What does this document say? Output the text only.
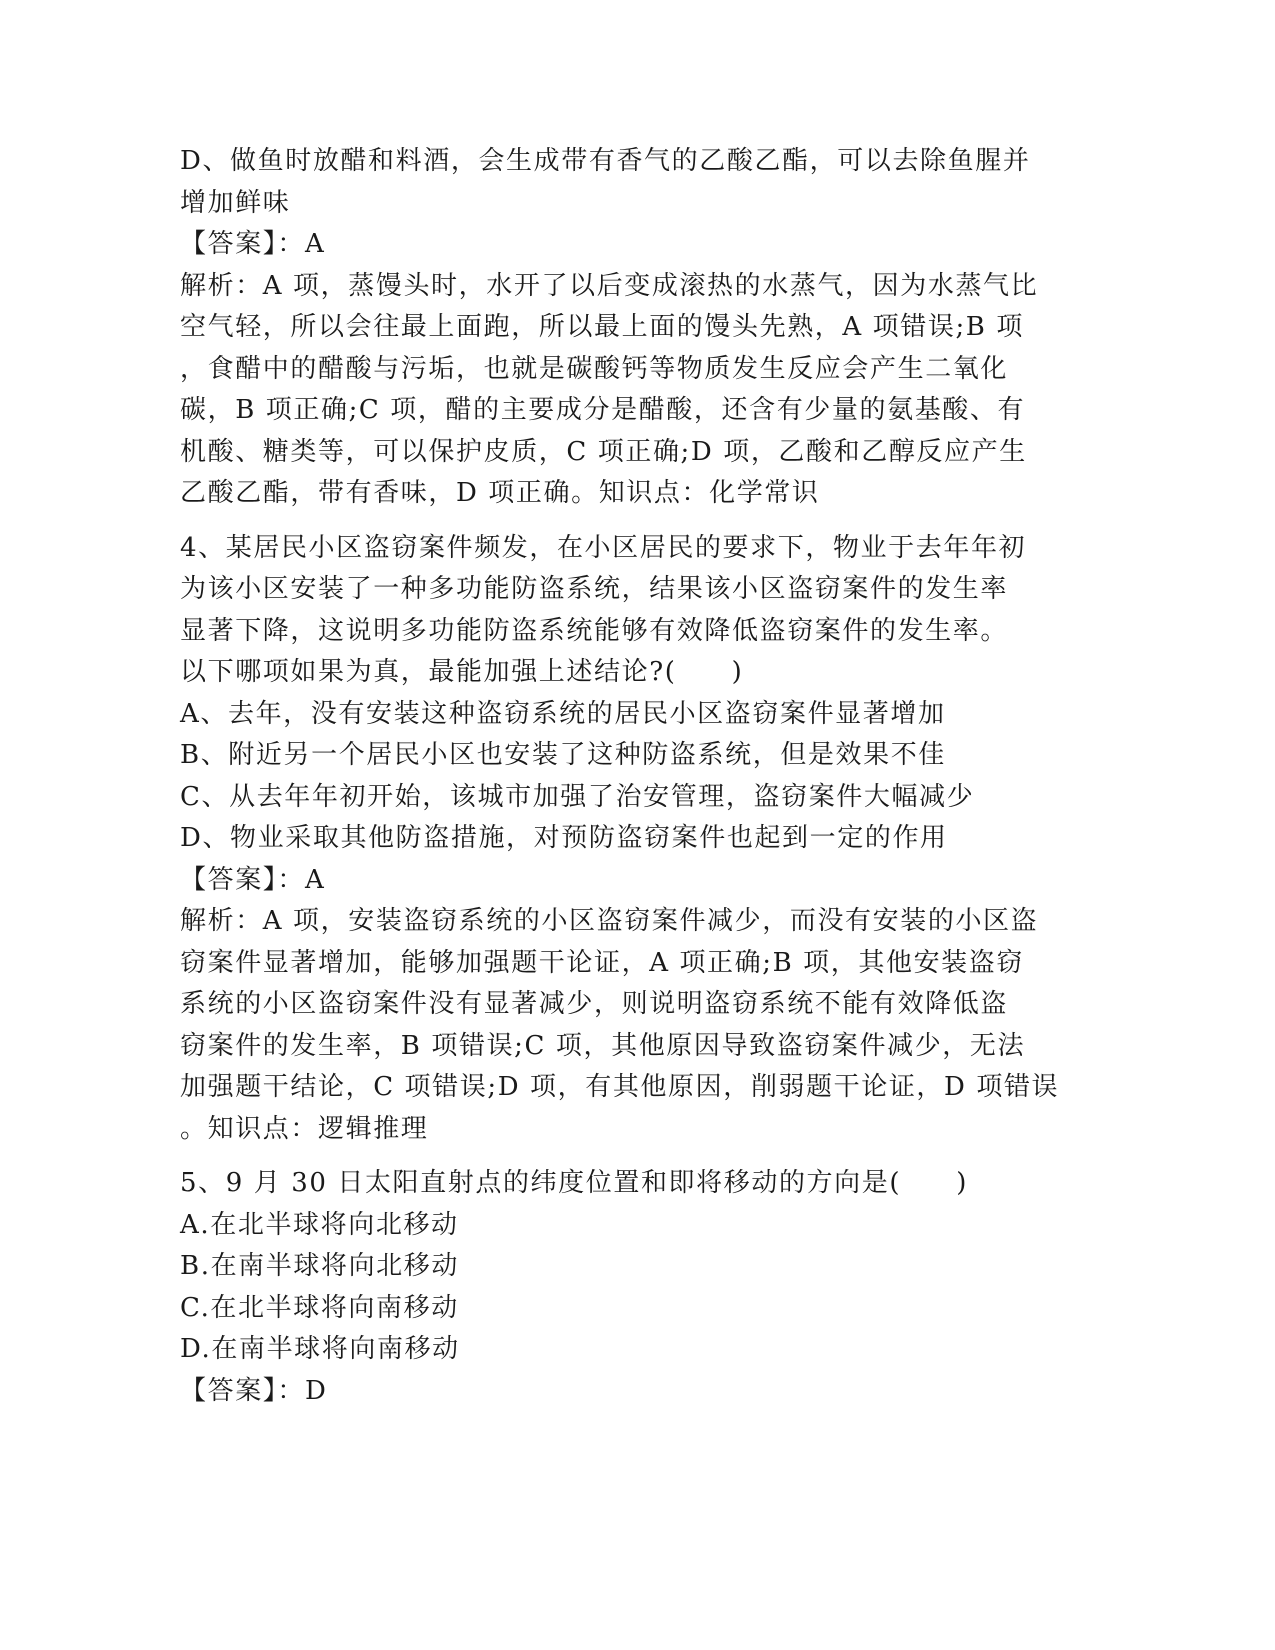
D、做鱼时放醋和料酒，会生成带有香气的乙酸乙酯，可以去除鱼腥并
增加鲜味
【答案】：A
解析：A 项，蒸馒头时，水开了以后变成滚热的水蒸气，因为水蒸气比
空气轻，所以会往最上面跑，所以最上面的馒头先熟，A 项错误;B 项
，食醋中的醋酸与污垢，也就是碳酸钙等物质发生反应会产生二氧化
碳，B 项正确;C 项，醋的主要成分是醋酸，还含有少量的氨基酸、有
机酸、糖类等，可以保护皮质，C 项正确;D 项，乙酸和乙醇反应产生
乙酸乙酯，带有香味，D 项正确。知识点：化学常识
4、某居民小区盗窃案件频发，在小区居民的要求下，物业于去年年初
为该小区安装了一种多功能防盗系统，结果该小区盗窃案件的发生率
显著下降，这说明多功能防盗系统能够有效降低盗窃案件的发生率。
以下哪项如果为真，最能加强上述结论?(　　)
A、去年，没有安装这种盗窃系统的居民小区盗窃案件显著增加
B、附近另一个居民小区也安装了这种防盗系统，但是效果不佳
C、从去年年初开始，该城市加强了治安管理，盗窃案件大幅减少
D、物业采取其他防盗措施，对预防盗窃案件也起到一定的作用
【答案】：A
解析：A 项，安装盗窃系统的小区盗窃案件减少，而没有安装的小区盗
窃案件显著增加，能够加强题干论证，A 项正确;B 项，其他安装盗窃
系统的小区盗窃案件没有显著减少，则说明盗窃系统不能有效降低盗
窃案件的发生率，B 项错误;C 项，其他原因导致盗窃案件减少，无法
加强题干结论，C 项错误;D 项，有其他原因，削弱题干论证，D 项错误
。知识点：逻辑推理
5、9 月 30 日太阳直射点的纬度位置和即将移动的方向是(　　)
A.在北半球将向北移动
B.在南半球将向北移动
C.在北半球将向南移动
D.在南半球将向南移动
【答案】：D
